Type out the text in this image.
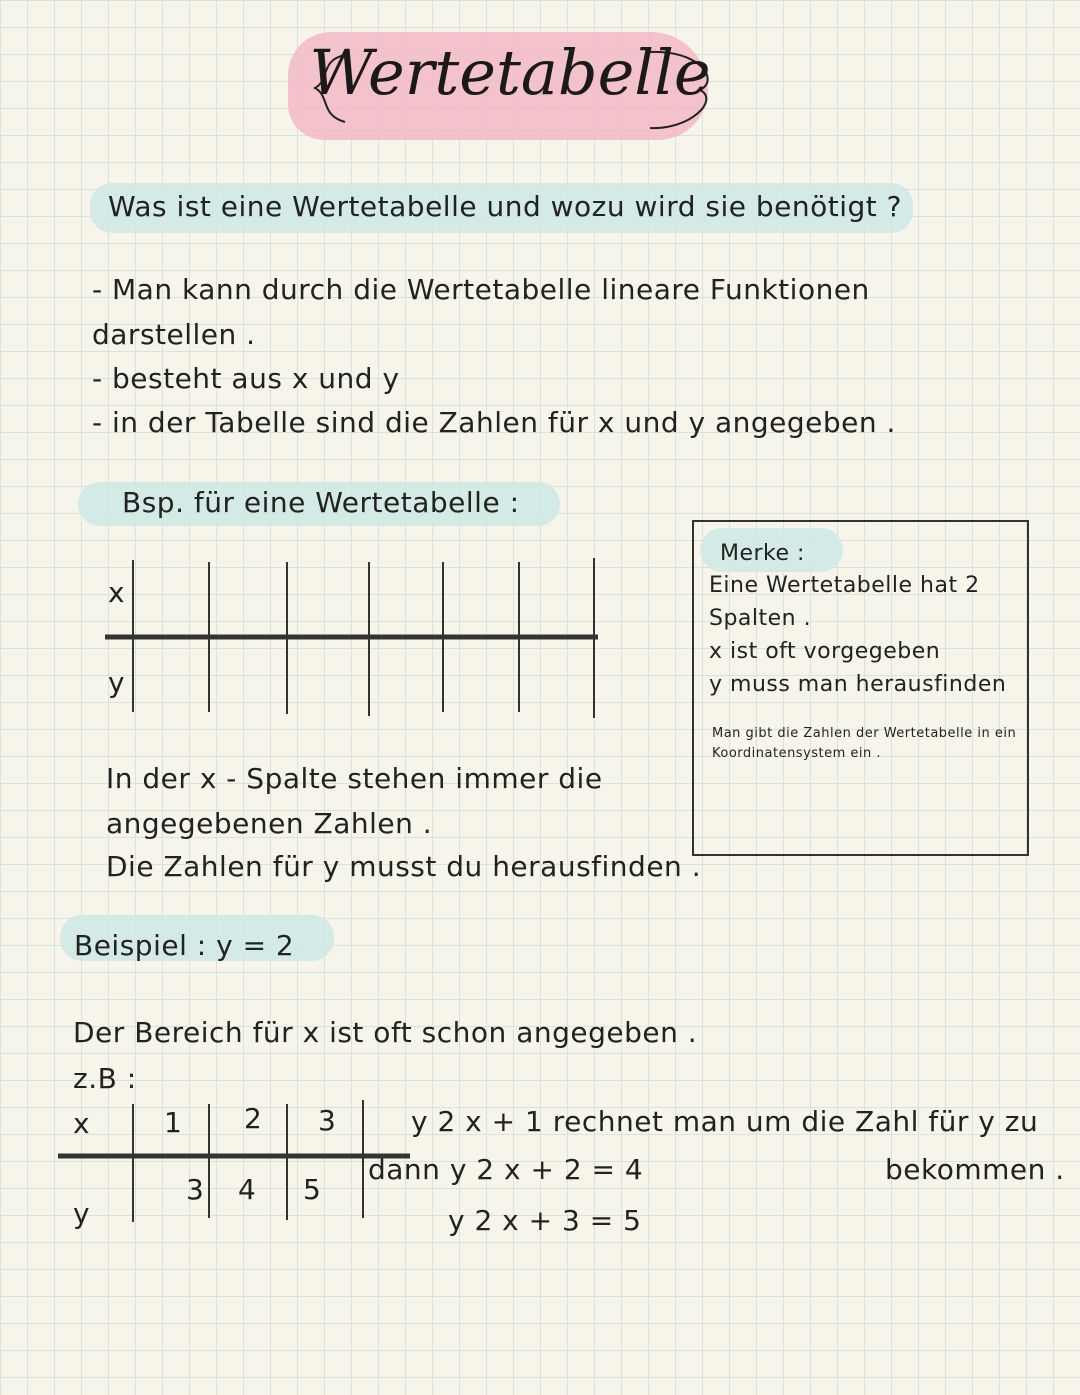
Wertetabelle
Was ist eine Wertetabelle und wozu wird sie benötigt ?
- Man kann durch die Wertetabelle lineare Funktionen
darstellen .
- besteht aus x und y
- in der Tabelle sind die Zahlen für x und y angegeben .
Bsp. für eine Wertetabelle :
x
y
Merke :
Eine Wertetabelle hat 2
Spalten .
x ist oft vorgegeben
y muss man herausfinden
Man gibt die Zahlen der Wertetabelle in ein
Koordinatensystem ein .
In der x - Spalte stehen immer die
angegebenen Zahlen .
Die Zahlen für y musst du herausfinden .
Beispiel : y = 2
Der Bereich für x ist oft schon angegeben .
z.B :
x
y
1 2 3
3 4 5
y 2 x + 1 rechnet man um die Zahl für y zu
dann y 2 x + 2 = 4	bekommen .
y 2 x + 3 = 5
